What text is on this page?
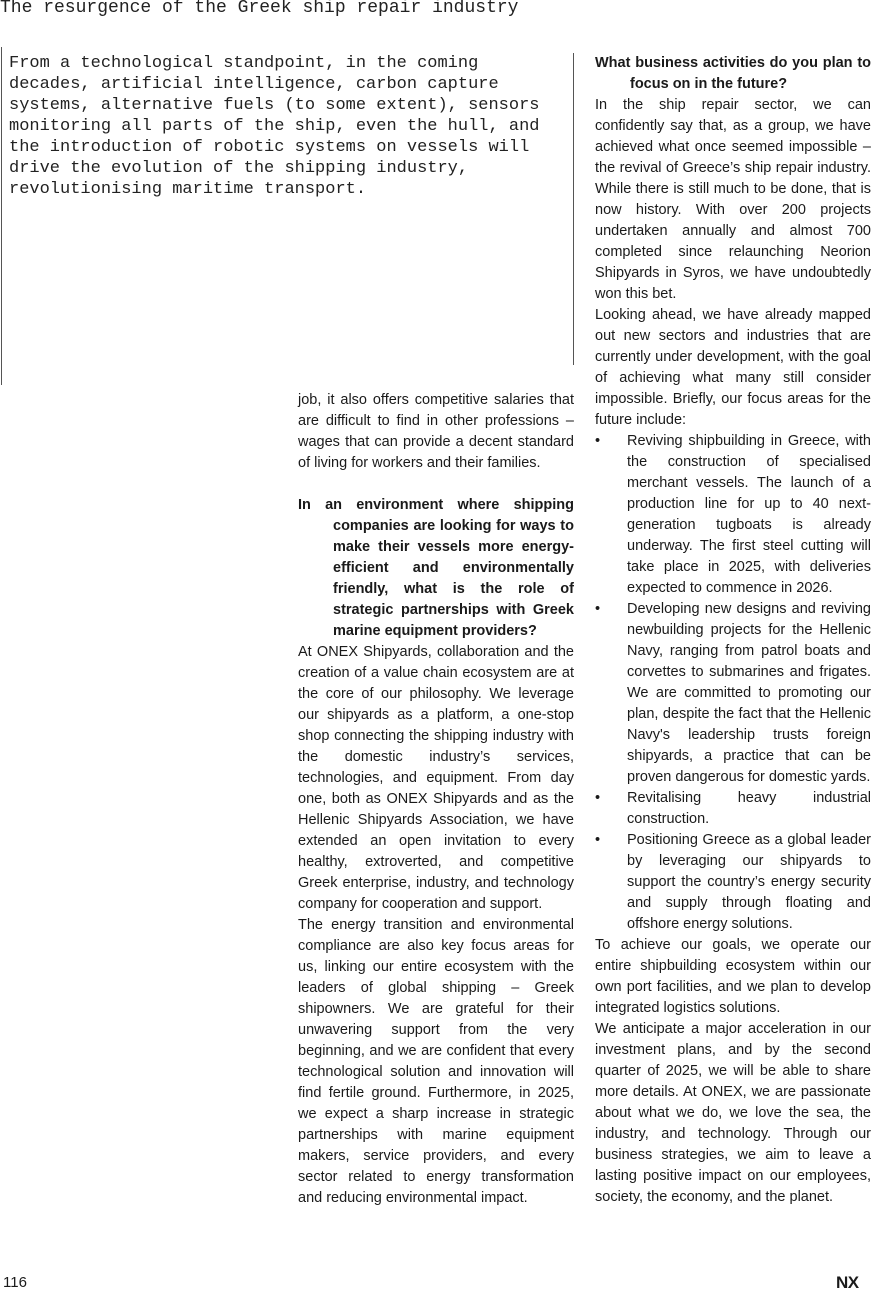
The resurgence of the Greek ship repair industry
From a technological standpoint, in the coming decades, artificial intelligence, carbon capture systems, alternative fuels (to some extent), sensors monitoring all parts of the ship, even the hull, and the introduction of robotic systems on vessels will drive the evolution of the shipping industry, revolutionising maritime transport.

job, it also offers competitive salaries that are difficult to find in other professions – wages that can provide a decent standard of living for workers and their families.

In an environment where shipping companies are looking for ways to make their vessels more energy-efficient and environmentally friendly, what is the role of strategic partnerships with Greek marine equipment providers?

At ONEX Shipyards, collaboration and the creation of a value chain ecosystem are at the core of our philosophy. We leverage our shipyards as a platform, a one-stop shop connecting the shipping industry with the domestic industry’s services, technologies, and equipment. From day one, both as ONEX Shipyards and as the Hellenic Shipyards Association, we have extended an open invitation to every healthy, extroverted, and competitive Greek enterprise, industry, and technology company for cooperation and support.

The energy transition and environmental compliance are also key focus areas for us, linking our entire ecosystem with the leaders of global shipping – Greek shipowners. We are grateful for their unwavering support from the very beginning, and we are confident that every technological solution and innovation will find fertile ground. Furthermore, in 2025, we expect a sharp increase in strategic partnerships with marine equipment makers, service providers, and every sector related to energy transformation and reducing environmental impact.

What business activities do you plan to focus on in the future?

In the ship repair sector, we can confidently say that, as a group, we have achieved what once seemed impossible – the revival of Greece’s ship repair industry. While there is still much to be done, that is now history. With over 200 projects undertaken annually and almost 700 completed since relaunching Neorion Shipyards in Syros, we have undoubtedly won this bet.

Looking ahead, we have already mapped out new sectors and industries that are currently under development, with the goal of achieving what many still consider impossible. Briefly, our focus areas for the future include:

• Reviving shipbuilding in Greece, with the construction of specialised merchant vessels. The launch of a production line for up to 40 next-generation tugboats is already underway. The first steel cutting will take place in 2025, with deliveries expected to commence in 2026.
• Developing new designs and reviving newbuilding projects for the Hellenic Navy, ranging from patrol boats and corvettes to submarines and frigates. We are committed to promoting our plan, despite the fact that the Hellenic Navy's leadership trusts foreign shipyards, a practice that can be proven dangerous for domestic yards.
• Revitalising heavy industrial construction.
• Positioning Greece as a global leader by leveraging our shipyards to support the country’s energy security and supply through floating and offshore energy solutions.

To achieve our goals, we operate our entire shipbuilding ecosystem within our own port facilities, and we plan to develop integrated logistics solutions.

We anticipate a major acceleration in our investment plans, and by the second quarter of 2025, we will be able to share more details. At ONEX, we are passionate about what we do, we love the sea, the industry, and technology. Through our business strategies, we aim to leave a lasting positive impact on our employees, society, the economy, and the planet.

116	NX
